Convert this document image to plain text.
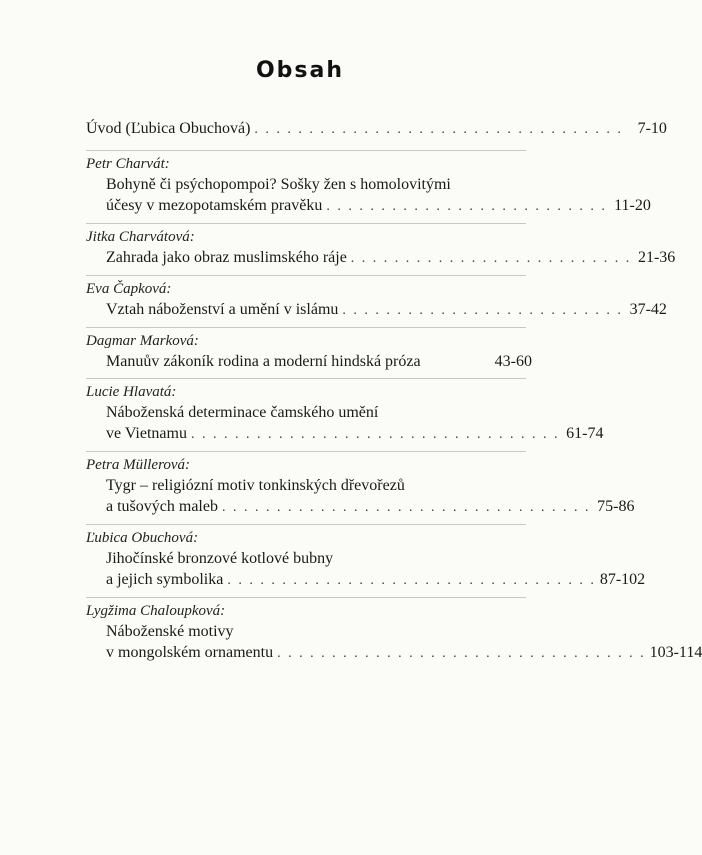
Obsah
Úvod (Ľubica Obuchová) . . . . . . . . . . . . . . . . . . . . . . . . . . . . . . . . . . 7-10
Petr Charvát:
Bohyně či psýchopompoi? Sošky žen s homolovitými
účesy v mezopotamském pravěku . . . . . . . . . . . . . . . . . . . . . . . . . . 11-20
Jitka Charvátová:
Zahrada jako obraz muslimského ráje . . . . . . . . . . . . . . . . . . . . . . . . . . 21-36
Eva Čapková:
Vztah náboženství a umění v islámu . . . . . . . . . . . . . . . . . . . . . . . . . . 37-42
Dagmar Marková:
Manuův zákoník rodina a moderní hindská próza	43-60
Lucie Hlavatá:
Náboženská determinace čamského umění
ve Vietnamu . . . . . . . . . . . . . . . . . . . . . . . . . . . . . . . . . . 61-74
Petra Müllerová:
Tygr – religiózní motiv tonkinských dřevořezů
a tušových maleb . . . . . . . . . . . . . . . . . . . . . . . . . . . . . . . . . . 75-86
Ľubica Obuchová:
Jihočínské bronzové kotlové bubny
a jejich symbolika . . . . . . . . . . . . . . . . . . . . . . . . . . . . . . . . . . 87-102
Lygžima Chaloupková:
Náboženské motivy
v mongolském ornamentu . . . . . . . . . . . . . . . . . . . . . . . . . . . . . . . . . . 103-114
